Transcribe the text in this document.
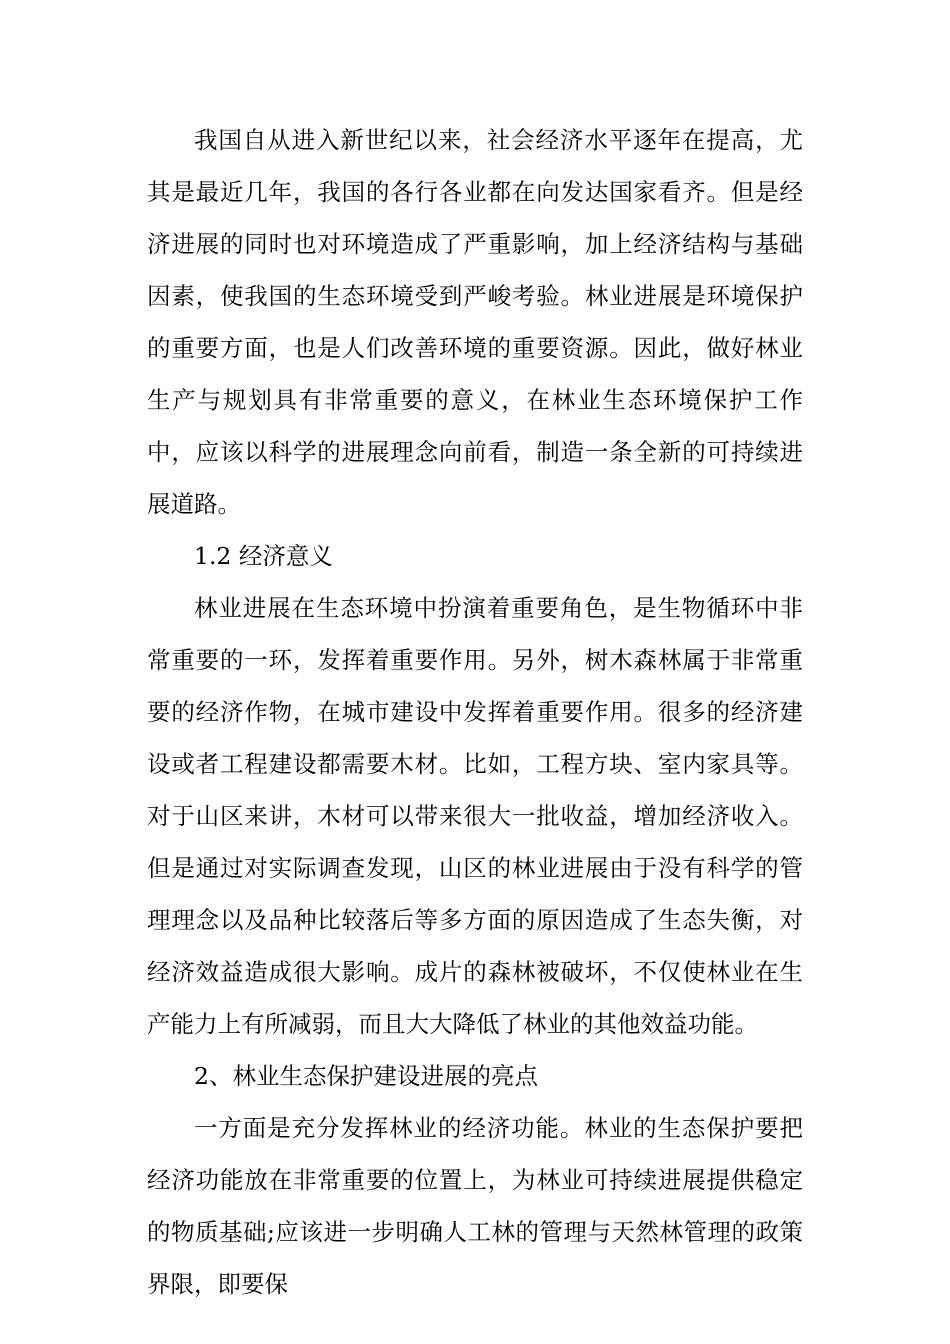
我国自从进入新世纪以来，社会经济水平逐年在提高，尤其是最近几年，我国的各行各业都在向发达国家看齐。但是经济进展的同时也对环境造成了严重影响，加上经济结构与基础因素，使我国的生态环境受到严峻考验。林业进展是环境保护的重要方面，也是人们改善环境的重要资源。因此，做好林业生产与规划具有非常重要的意义，在林业生态环境保护工作中，应该以科学的进展理念向前看，制造一条全新的可持续进展道路。

1.2 经济意义

林业进展在生态环境中扮演着重要角色，是生物循环中非常重要的一环，发挥着重要作用。另外，树木森林属于非常重要的经济作物，在城市建设中发挥着重要作用。很多的经济建设或者工程建设都需要木材。比如，工程方块、室内家具等。对于山区来讲，木材可以带来很大一批收益，增加经济收入。但是通过对实际调查发现，山区的林业进展由于没有科学的管理理念以及品种比较落后等多方面的原因造成了生态失衡，对经济效益造成很大影响。成片的森林被破坏，不仅使林业在生产能力上有所减弱，而且大大降低了林业的其他效益功能。

2、林业生态保护建设进展的亮点

一方面是充分发挥林业的经济功能。林业的生态保护要把经济功能放在非常重要的位置上，为林业可持续进展提供稳定的物质基础;应该进一步明确人工林的管理与天然林管理的政策界限，即要保
